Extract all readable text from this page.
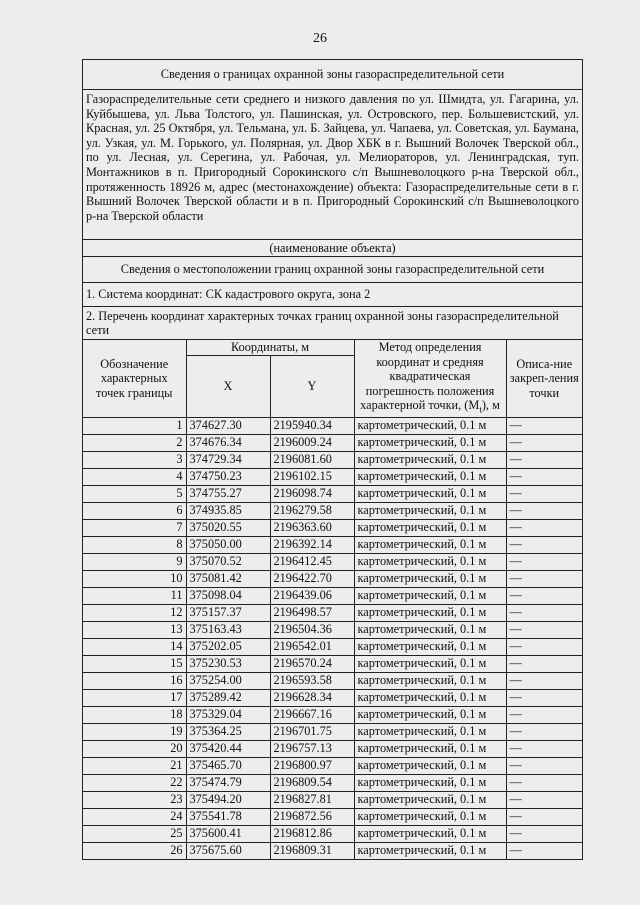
26
Сведения о границах охранной зоны газораспределительной сети
Газораспределительные сети среднего и низкого давления по ул. Шмидта, ул. Гагарина, ул. Куйбышева, ул. Льва Толстого, ул. Пашинская, ул. Островского, пер. Большевистский, ул. Красная, ул. 25 Октября, ул. Тельмана, ул. Б. Зайцева, ул. Чапаева, ул. Советская, ул. Баумана, ул. Узкая, ул. М. Горького, ул. Полярная, ул. Двор ХБК в г. Вышний Волочек Тверской обл., по ул. Лесная, ул. Серегина, ул. Рабочая, ул. Мелиораторов, ул. Ленинградская, туп. Монтажников в п. Пригородный Сорокинского с/п Вышневолоцкого р-на Тверской обл., протяженность 18926 м, адрес (местонахождение) объекта: Газораспределительные сети в г. Вышний Волочек Тверской области и в п. Пригородный Сорокинский с/п Вышневолоцкого р-на Тверской области
(наименование объекта)
Сведения о местоположении границ охранной зоны газораспределительной сети
1. Система координат: СК кадастрового округа, зона 2
2. Перечень координат характерных точках границ охранной зоны газораспределительной сети
Обозначение характерных точек границы	Координаты, м		Метод определения координат и средняя квадратическая погрешность положения характерной точки, $(M_t)$, м	Описа-ние закреп-ления точки
	X	Y		
1	374627.30	2195940.34	картометрический, 0.1 м	—
2	374676.34	2196009.24	картометрический, 0.1 м	—
3	374729.34	2196081.60	картометрический, 0.1 м	—
4	374750.23	2196102.15	картометрический, 0.1 м	—
5	374755.27	2196098.74	картометрический, 0.1 м	—
6	374935.85	2196279.58	картометрический, 0.1 м	—
7	375020.55	2196363.60	картометрический, 0.1 м	—
8	375050.00	2196392.14	картометрический, 0.1 м	—
9	375070.52	2196412.45	картометрический, 0.1 м	—
10	375081.42	2196422.70	картометрический, 0.1 м	—
11	375098.04	2196439.06	картометрический, 0.1 м	—
12	375157.37	2196498.57	картометрический, 0.1 м	—
13	375163.43	2196504.36	картометрический, 0.1 м	—
14	375202.05	2196542.01	картометрический, 0.1 м	—
15	375230.53	2196570.24	картометрический, 0.1 м	—
16	375254.00	2196593.58	картометрический, 0.1 м	—
17	375289.42	2196628.34	картометрический, 0.1 м	—
18	375329.04	2196667.16	картометрический, 0.1 м	—
19	375364.25	2196701.75	картометрический, 0.1 м	—
20	375420.44	2196757.13	картометрический, 0.1 м	—
21	375465.70	2196800.97	картометрический, 0.1 м	—
22	375474.79	2196809.54	картометрический, 0.1 м	—
23	375494.20	2196827.81	картометрический, 0.1 м	—
24	375541.78	2196872.56	картометрический, 0.1 м	—
25	375600.41	2196812.86	картометрический, 0.1 м	—
26	375675.60	2196809.31	картометрический, 0.1 м	—
